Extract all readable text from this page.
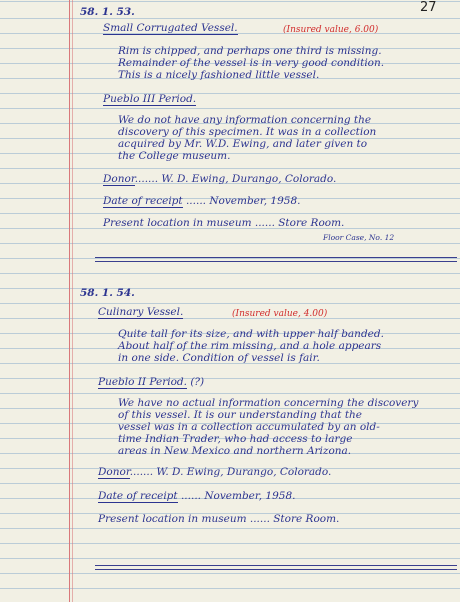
27
58. 1. 53.
Small Corrugated Vessel.	(Insured value, 6.00)
Rim is chipped, and perhaps one third is missing.
Remainder of the vessel is in very good condition.
This is a nicely fashioned little vessel.
Pueblo III Period.
We do not have any information concerning the
discovery of this specimen. It was in a collection
acquired by Mr. W.D. Ewing, and later given to
the College museum.
Donor....... W. D. Ewing, Durango, Colorado.
Date of receipt ...... November, 1958.
Present location in museum ...... Store Room.
Floor Case, No. 12
58. 1. 54.
Culinary Vessel.	(Insured value, 4.00)
Quite tall for its size, and with upper half banded.
About half of the rim missing, and a hole appears
in one side. Condition of vessel is fair.
Pueblo II Period. (?)
We have no actual information concerning the discovery
of this vessel. It is our understanding that the
vessel was in a collection accumulated by an old-
time Indian Trader, who had access to large
areas in New Mexico and northern Arizona.
Donor....... W. D. Ewing, Durango, Colorado.
Date of receipt ...... November, 1958.
Present location in museum ...... Store Room.
